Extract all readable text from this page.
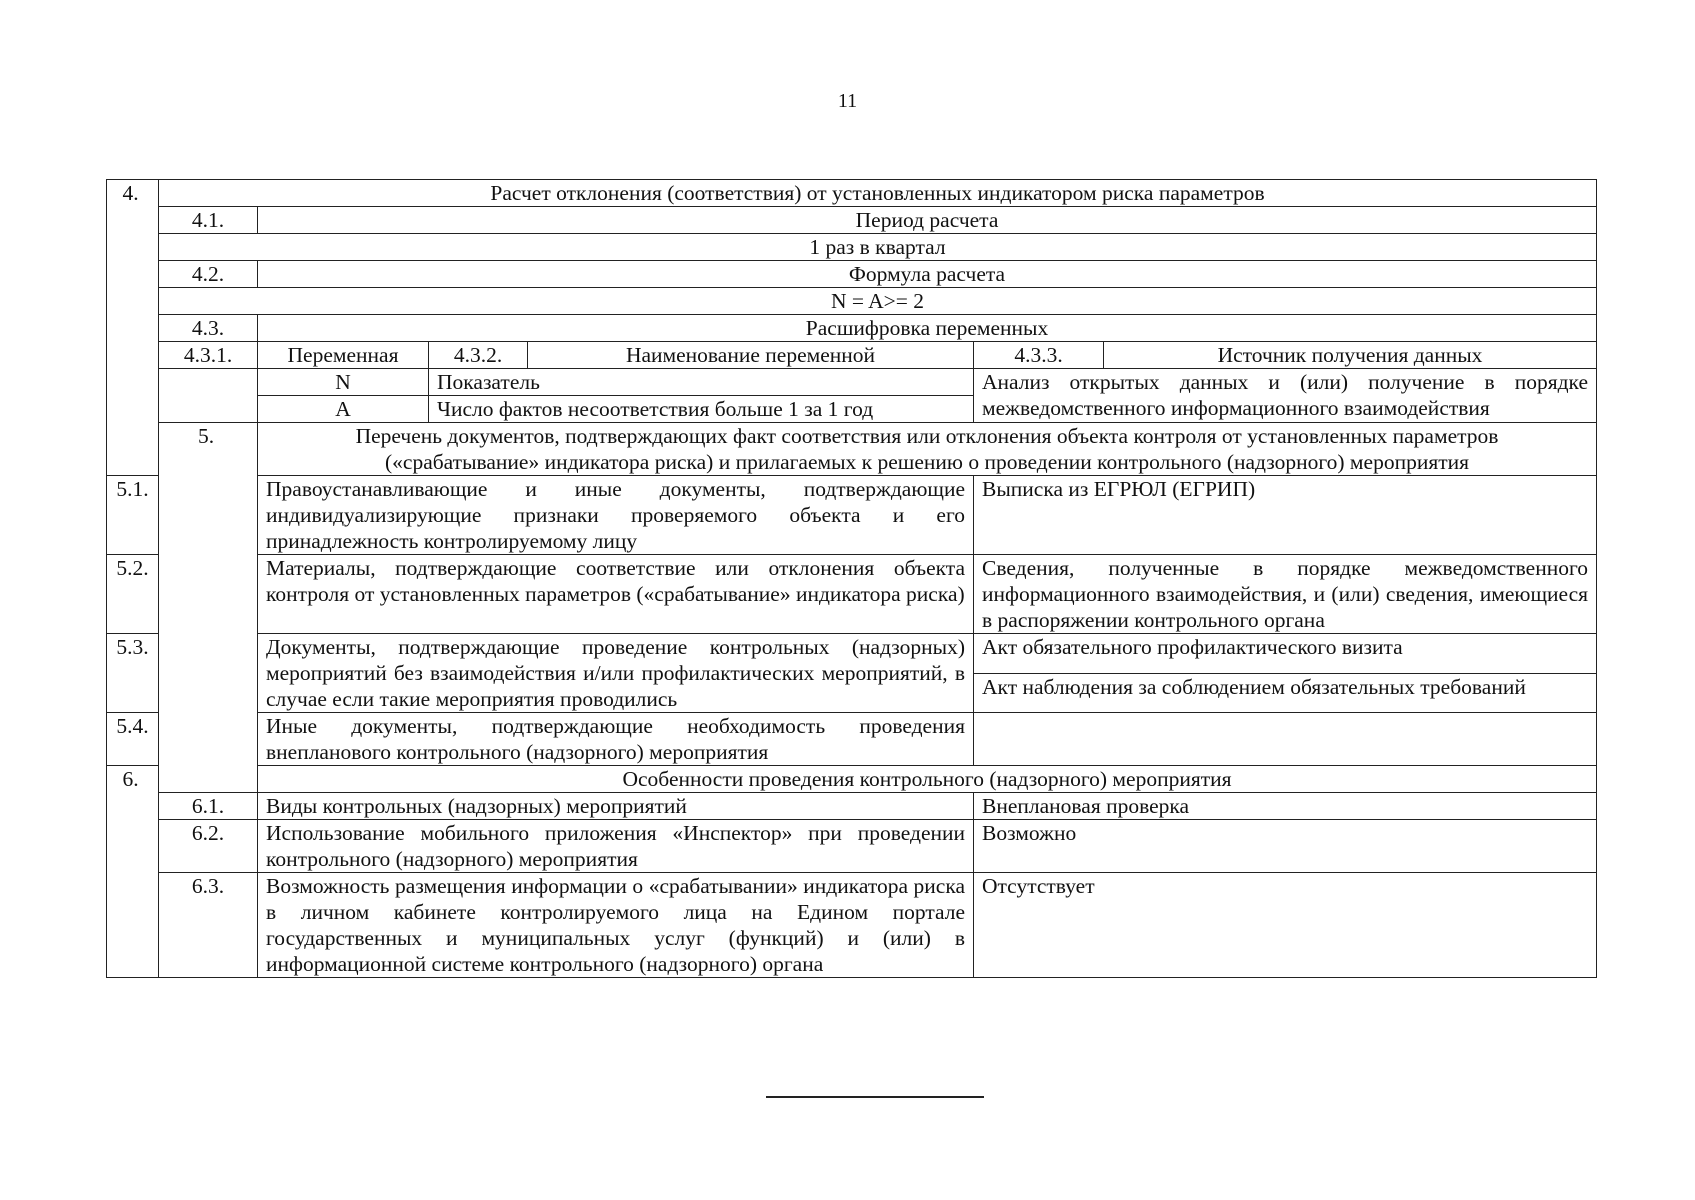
11
4.	Расчет отклонения (соответствия) от установленных индикатором риска параметров					
	4.1.	Период расчета				
	1 раз в квартал					
	4.2.	Формула расчета				
	N = A>= 2					
	4.3.	Расшифровка переменных				
	4.3.1.	Переменная	4.3.2.	Наименование переменной	4.3.3.	Источник получения данных
		N	Показатель		Анализ открытых данных и (или) получение в порядке межведомственного информационного взаимодействия	
		A	Число фактов несоответствия больше 1 за 1 год			
	5.	Перечень документов, подтверждающих факт соответствия или отклонения объекта контроля от установленных параметров («срабатывание» индикатора риска) и прилагаемых к решению о проведении контрольного (надзорного) мероприятия				
5.1.		Правоустанавливающие и иные документы, подтверждающие индивидуализирующие признаки проверяемого объекта и его принадлежность контролируемому лицу			Выписка из ЕГРЮЛ (ЕГРИП)	
5.2.		Материалы, подтверждающие соответствие или отклонения объекта контроля от установленных параметров («срабатывание» индикатора риска)			Сведения, полученные в порядке межведомственного информационного взаимодействия, и (или) сведения, имеющиеся в распоряжении контрольного органа	
5.3.		Документы, подтверждающие проведение контрольных (надзорных) мероприятий без взаимодействия и/или профилактических мероприятий, в случае если такие мероприятия проводились			Акт обязательного профилактического визита	
					Акт наблюдения за соблюдением обязательных требований	
5.4.		Иные документы, подтверждающие необходимость проведения внепланового контрольного (надзорного) мероприятия				
6.		Особенности проведения контрольного (надзорного) мероприятия				
	6.1.	Виды контрольных (надзорных) мероприятий			Внеплановая проверка	
	6.2.	Использование мобильного приложения «Инспектор» при проведении контрольного (надзорного) мероприятия			Возможно	
	6.3.	Возможность размещения информации о «срабатывании» индикатора риска в личном кабинете контролируемого лица на Едином портале государственных и муниципальных услуг (функций) и (или) в информационной системе контрольного (надзорного) органа			Отсутствует	
